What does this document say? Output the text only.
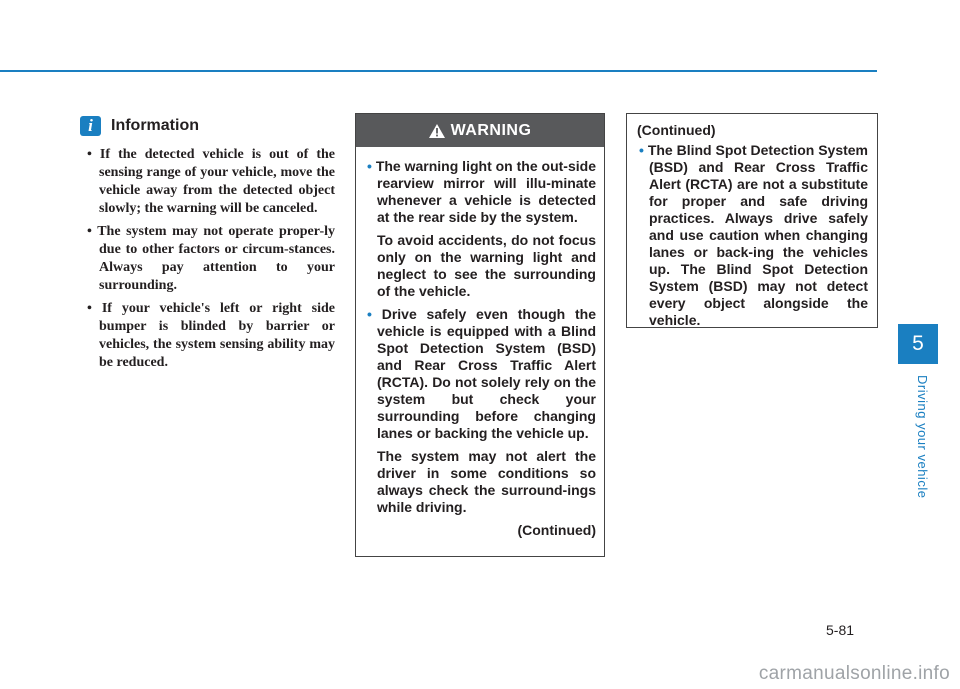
i	Information
• If the detected vehicle is out of the sensing range of your vehicle, move the vehicle away from the detected object slowly; the warning will be canceled.
• The system may not operate proper-ly due to other factors or circum-stances. Always pay attention to your surrounding.
• If your vehicle's left or right side bumper is blinded by barrier or vehicles, the system sensing ability may be reduced.
WARNING
• The warning light on the out-side rearview mirror will illu-minate whenever a vehicle is detected at the rear side by the system.
To avoid accidents, do not focus only on the warning light and neglect to see the surrounding of the vehicle.
• Drive safely even though the vehicle is equipped with a Blind Spot Detection System (BSD) and Rear Cross Traffic Alert (RCTA). Do not solely rely on the system but check your surrounding before changing lanes or backing the vehicle up.
The system may not alert the driver in some conditions so always check the surround-ings while driving.
(Continued)
(Continued)
• The Blind Spot Detection System (BSD) and Rear Cross Traffic Alert (RCTA) are not a substitute for proper and safe driving practices. Always drive safely and use caution when changing lanes or back-ing the vehicles up. The Blind Spot Detection System (BSD) may not detect every object alongside the vehicle.
5
Driving your vehicle
5-81
carmanualsonline.info
